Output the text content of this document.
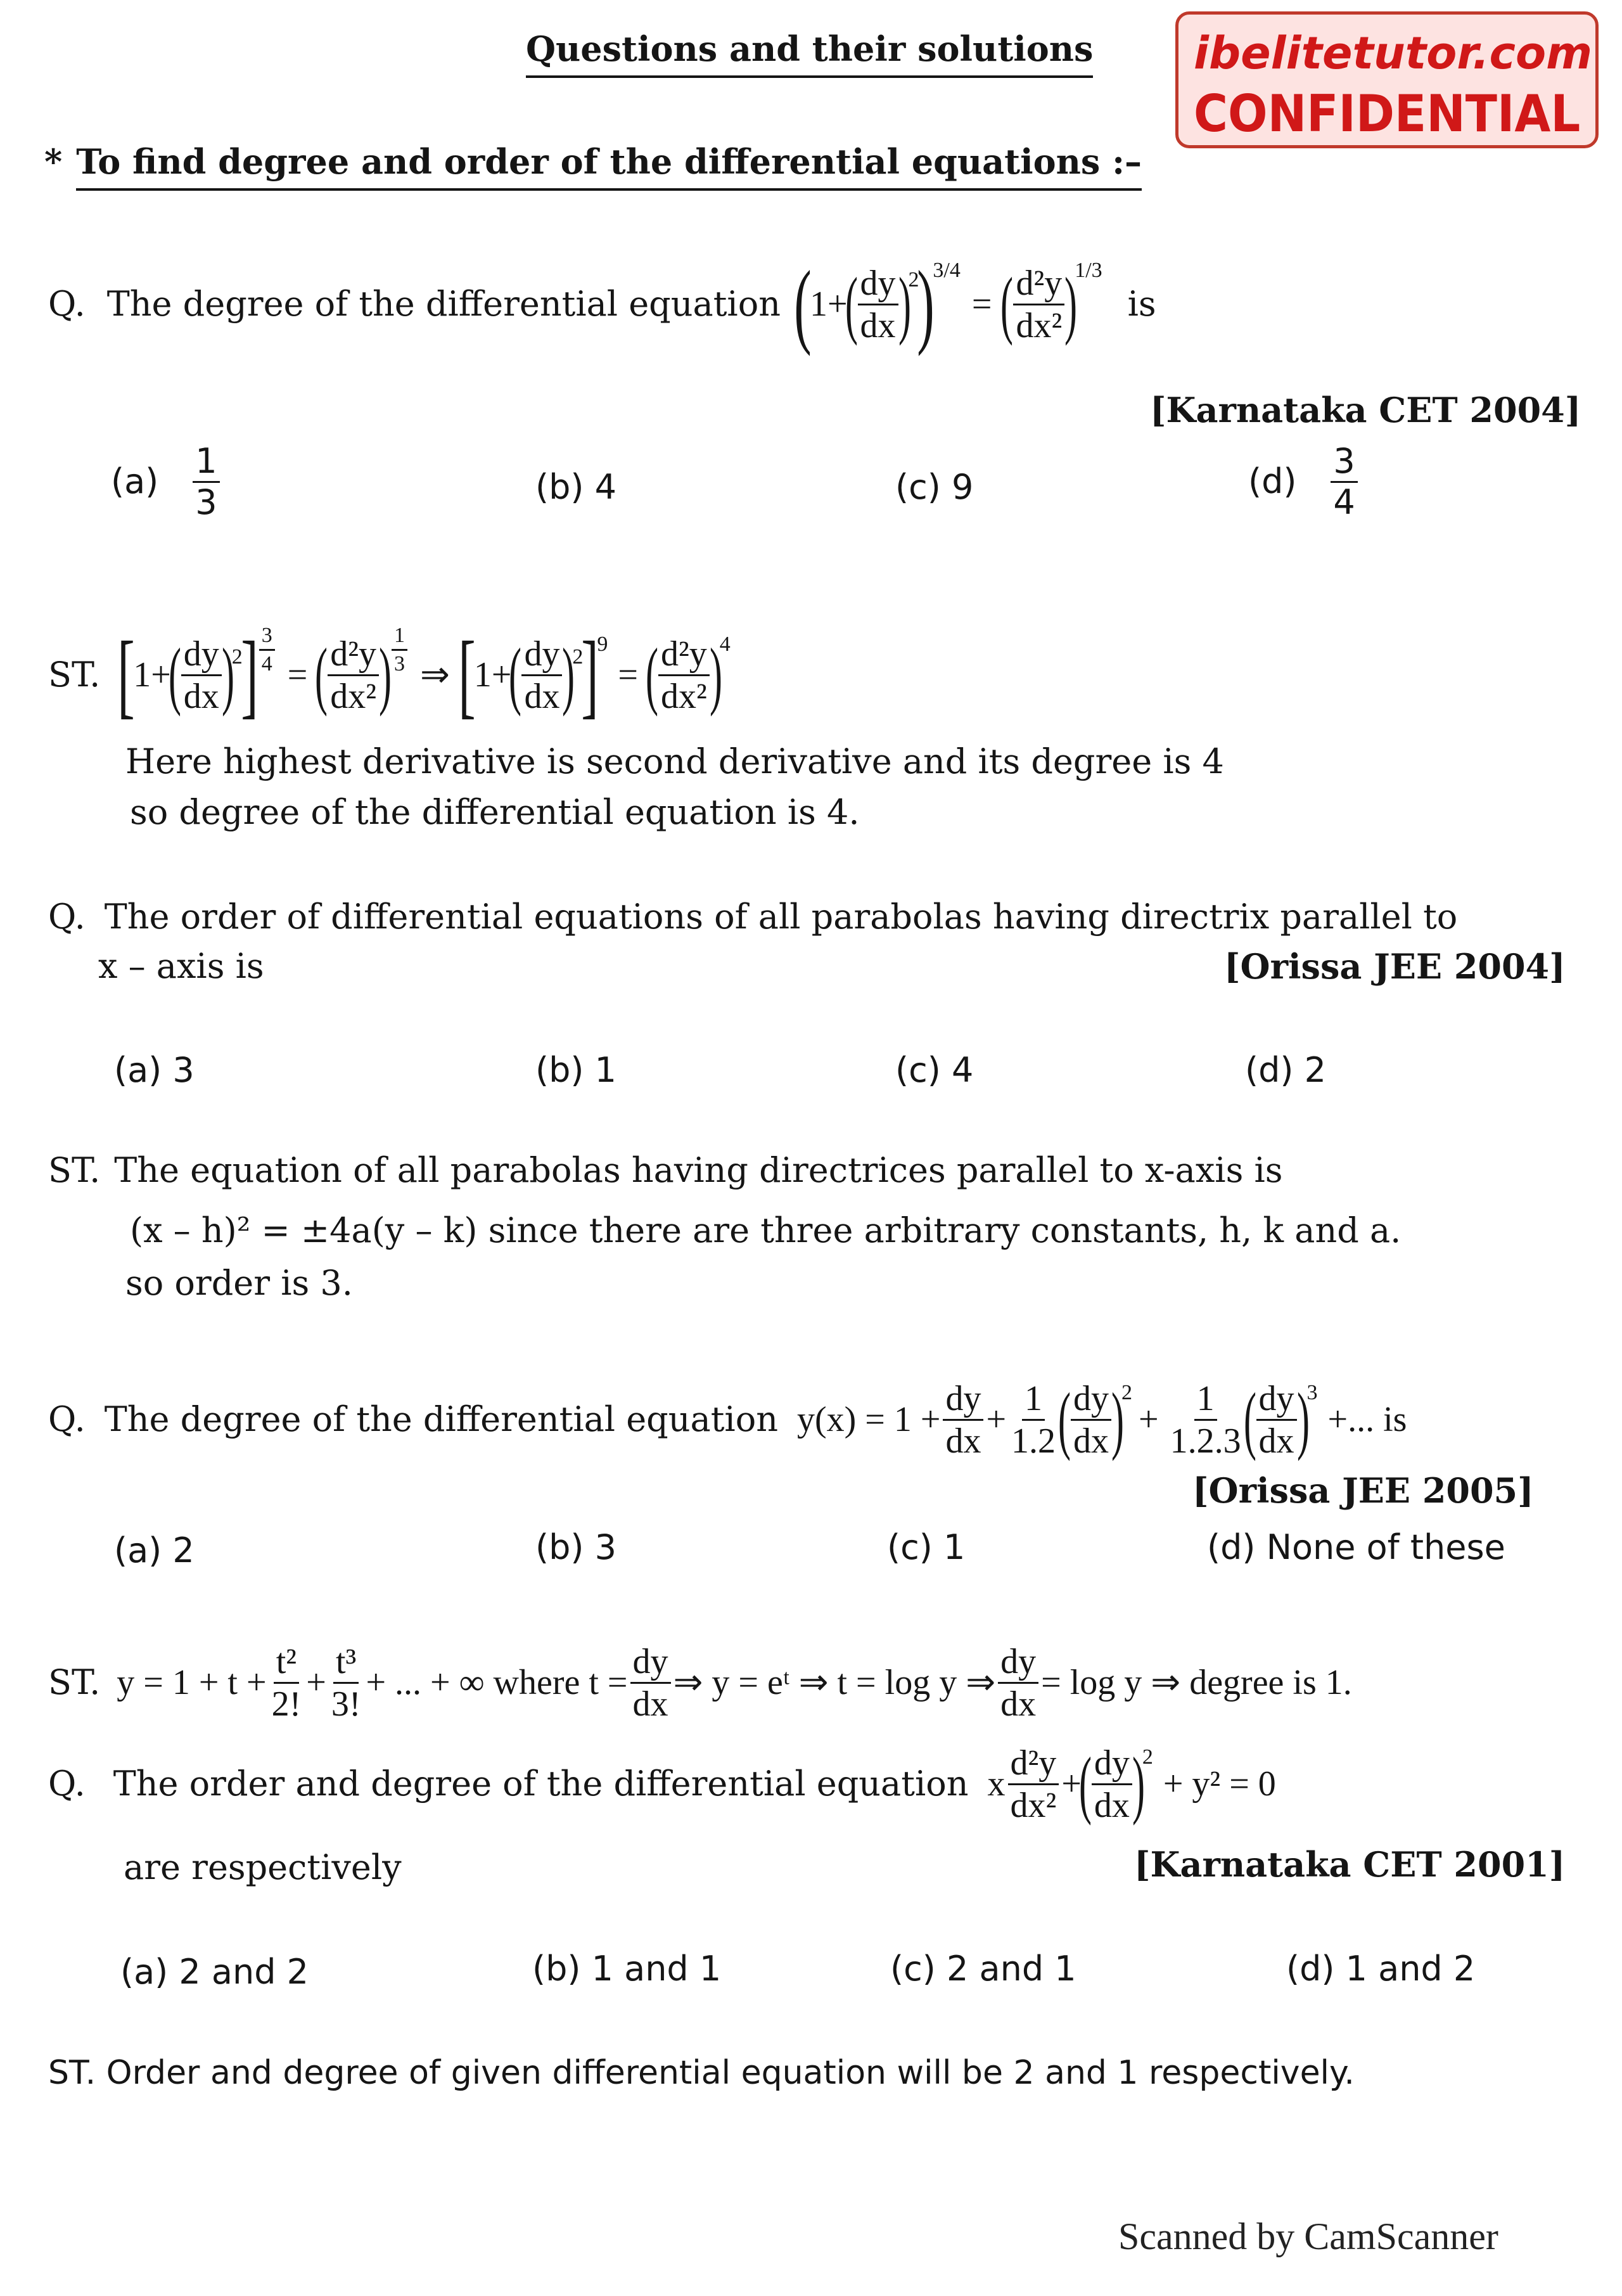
Questions and their solutions ibelitetutor.com
CONFIDENTIAL
* To find degree and order of the differential equations :–
Q. The degree of the differential equation (
1+
( $\frac{dy}{dx}$ )
2
)
3/4
= ( $\frac{\text{d²y}}{\text{dx²}}$ )
1/3
is
[Karnataka CET 2004]
$(a) \frac{1}{3}$	(b) 4	(c) 9	$(d) \frac{3}{4}$
ST. [
1+
( $\frac{dy}{dx}$ )
2
] $\frac{3}{4}$ = ( $\frac{\text{d²y}}{\text{dx²}}$ ) $\frac{1}{3}$ ⇒ [
1+
( $\frac{dy}{dx}$ )
2
]
9
= ( $\frac{\text{d²y}}{\text{dx²}}$ )
4
Here highest derivative is second derivative and its degree is 4
so degree of the differential equation is 4.
Q. The order of differential equations of all parabolas having directrix parallel to
x – axis is	[Orissa JEE 2004]
(a) 3	(b) 1	(c) 4	(d) 2
ST. The equation of all parabolas having directrices parallel to x-axis is
(x – h)² = ±4a(y – k) since there are three arbitrary constants, h, k and a.
so order is 3.
Q. The degree of the differential equation $y(x) = 1 + \frac{dy}{dx} + \frac{1}{1.2}$ ( $\frac{dy}{dx}$ )
2
+ $\frac{1}{1.2.3}$ ( $\frac{dy}{dx}$ )
3
+... is
[Orissa JEE 2005]
(a) 2	(b) 3	(c) 1	(d) None of these
ST. $y = 1 + t + \frac{\text{t²}}{2!} + \frac{\text{t³}}{3!}$ + ... + ∞ where $t = \frac{dy}{dx}$ ⇒ y = eᵗ ⇒ t = log y ⇒ $\frac{dy}{dx} = \log y$ ⇒ degree is 1.
Q. The order and degree of the differential equation x $\frac{\text{d²y}}{\text{dx²}}$ +
( $\frac{dy}{dx}$ )
2
+ y² = 0
are respectively	[Karnataka CET 2001]
(a) 2 and 2	(b) 1 and 1	(c) 2 and 1	(d) 1 and 2
ST. Order and degree of given differential equation will be 2 and 1 respectively.
Scanned by CamScanner
